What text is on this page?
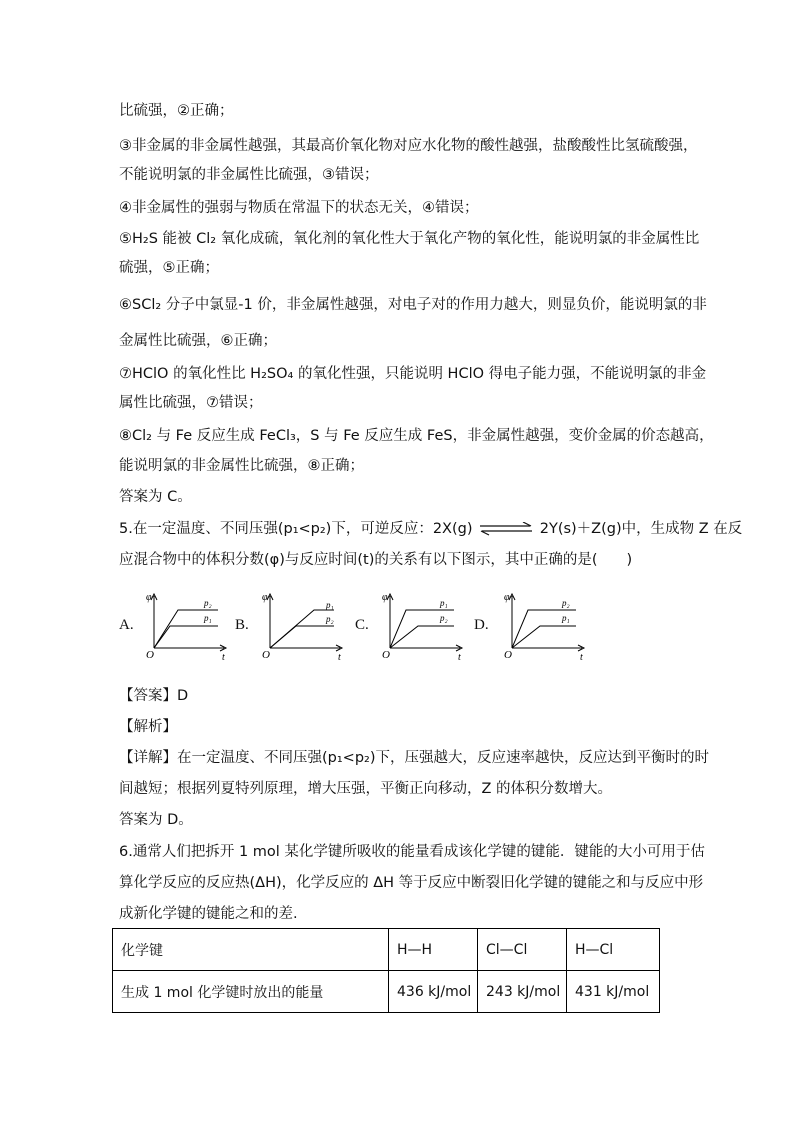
比硫强，②正确；
③非金属的非金属性越强，其最高价氧化物对应水化物的酸性越强，盐酸酸性比氢硫酸强，
不能说明氯的非金属性比硫强，③错误；
④非金属性的强弱与物质在常温下的状态无关，④错误；
⑤H₂S 能被 Cl₂ 氧化成硫，氧化剂的氧化性大于氧化产物的氧化性，能说明氯的非金属性比
硫强，⑤正确；
⑥SCl₂ 分子中氯显-1 价，非金属性越强，对电子对的作用力越大，则显负价，能说明氯的非
金属性比硫强，⑥正确；
⑦HClO 的氧化性比 H₂SO₄ 的氧化性强，只能说明 HClO 得电子能力强，不能说明氯的非金
属性比硫强，⑦错误；
⑧Cl₂ 与 Fe 反应生成 FeCl₃，S 与 Fe 反应生成 FeS，非金属性越强，变价金属的价态越高，
能说明氯的非金属性比硫强，⑧正确；
答案为 C。
5.在一定温度、不同压强(p₁<p₂)下，可逆反应：2X(g) ⇌ 2Y(s)＋Z(g)中，生成物 Z 在反
应混合物中的体积分数(φ)与反应时间(t)的关系有以下图示，其中正确的是(　　)
A.
φ
O	t
p₂
p₁ B.
φ
O	t
p₁
p₂ C.
φ
O	t
p₁
p₂ D.
φ
O	t
p₂
p₁
【答案】D
【解析】
【详解】在一定温度、不同压强(p₁<p₂)下，压强越大，反应速率越快，反应达到平衡时的时
间越短；根据列夏特列原理，增大压强，平衡正向移动，Z 的体积分数增大。
答案为 D。
6.通常人们把拆开 1 mol 某化学键所吸收的能量看成该化学键的键能．键能的大小可用于估
算化学反应的反应热(ΔH)，化学反应的 ΔH 等于反应中断裂旧化学键的键能之和与反应中形
成新化学键的键能之和的差.
化学键	H—H	Cl—Cl	H—Cl
生成 1 mol 化学键时放出的能量	436 kJ/mol	243 kJ/mol	431 kJ/mol
